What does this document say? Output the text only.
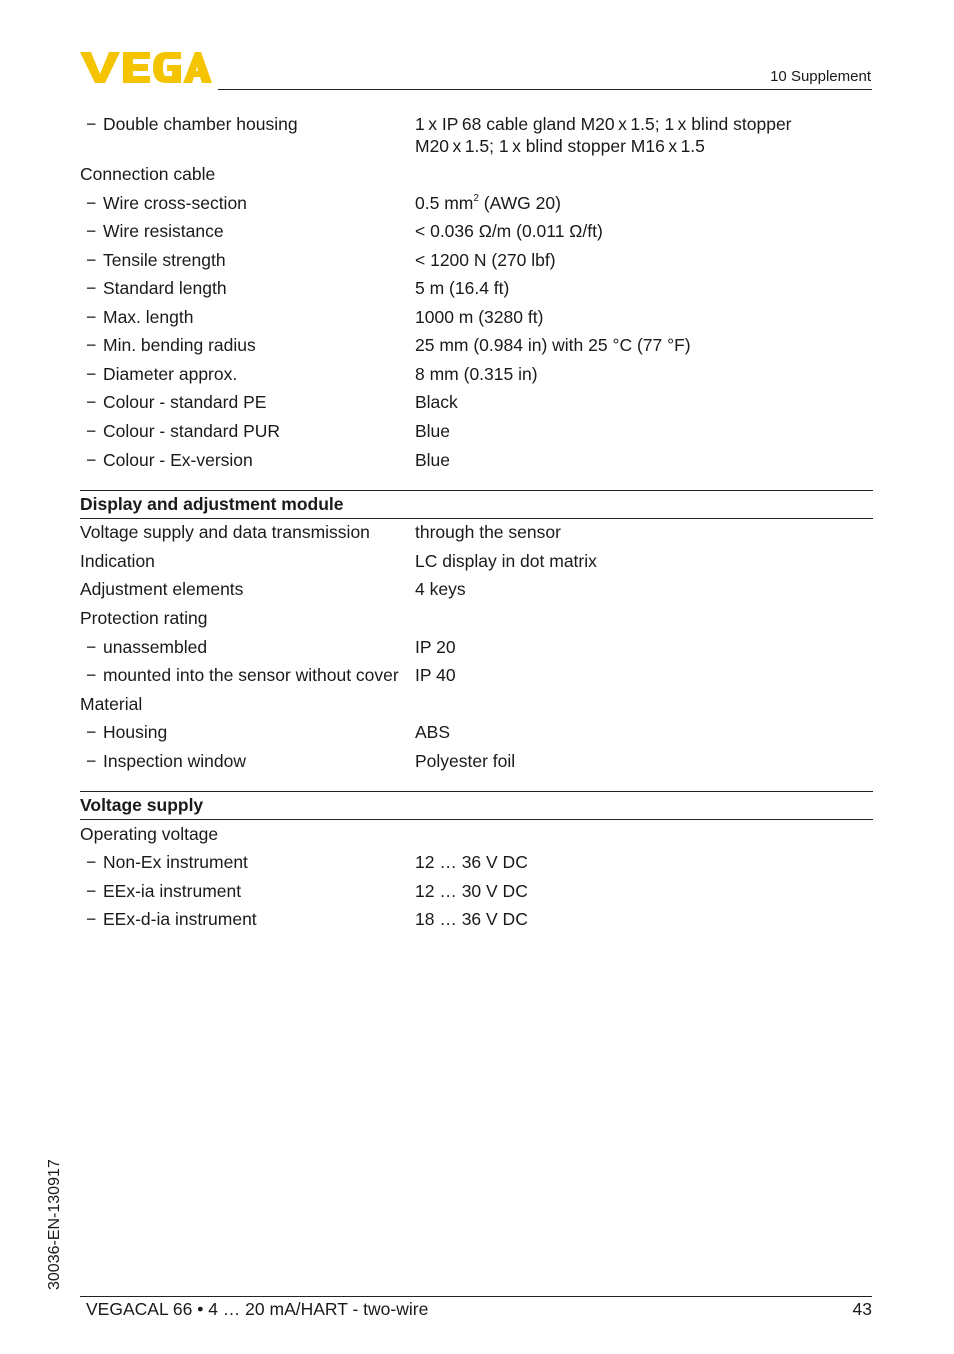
10 Supplement
− Double chamber housing	1 x IP 68 cable gland M20 x 1.5; 1 x blind stopper
M20 x 1.5; 1 x blind stopper M16 x 1.5
Connection cable
− Wire cross-section	0.5 $mm^2$ (AWG 20)
− Wire resistance	< 0.036 Ω/m (0.011 Ω/ft)
− Tensile strength	< 1200 N (270 lbf)
− Standard length	5 m (16.4 ft)
− Max. length	1000 m (3280 ft)
− Min. bending radius	25 mm (0.984 in) with 25 °C (77 °F)
− Diameter approx.	8 mm (0.315 in)
− Colour - standard PE	Black
− Colour - standard PUR	Blue
− Colour - Ex-version	Blue
Display and adjustment module
Voltage supply and data transmission	through the sensor
Indication	LC display in dot matrix
Adjustment elements	4 keys
Protection rating
− unassembled	IP 20
− mounted into the sensor without cover IP 40
Material
− Housing	ABS
− Inspection window	Polyester foil
Voltage supply
Operating voltage
− Non-Ex instrument	12 … 36 V DC
− EEx-ia instrument	12 … 30 V DC
− EEx-d-ia instrument	18 … 36 V DC
30036-EN-130917
VEGACAL 66 • 4 … 20 mA/HART - two-wire	43
